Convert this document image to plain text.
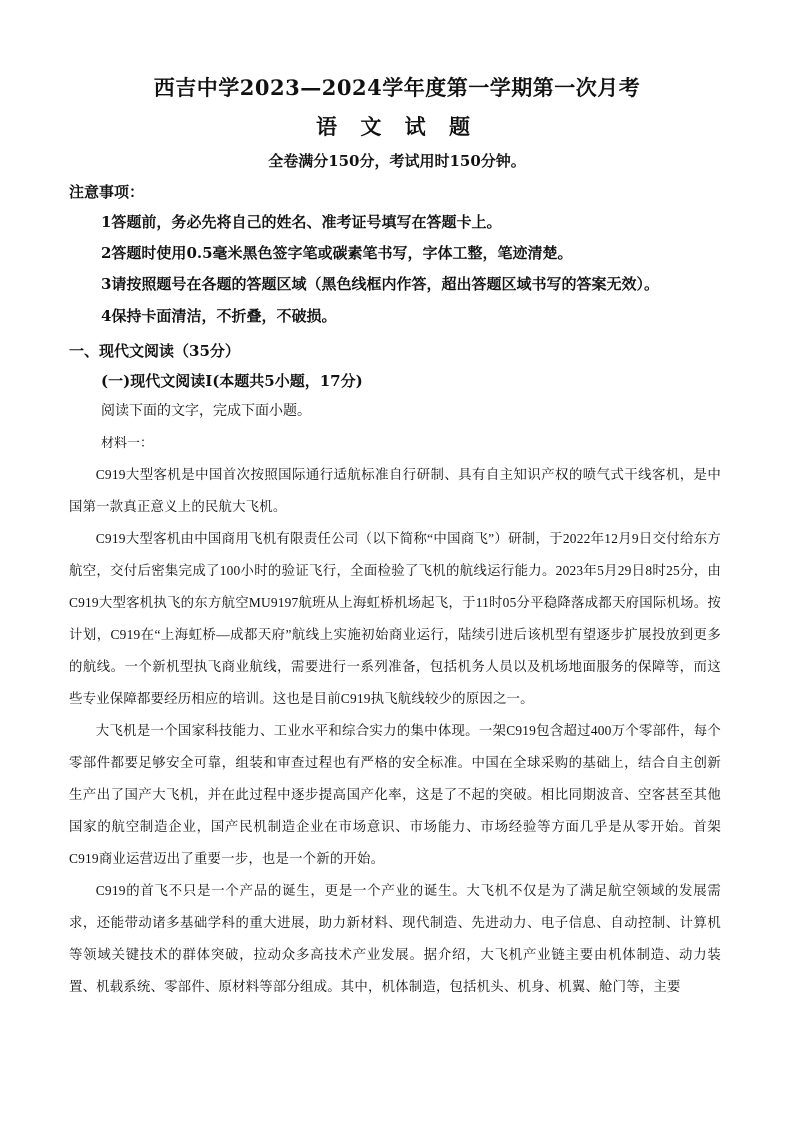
西吉中学2023—2024学年度第一学期第一次月考
语 文 试 题
全卷满分150分，考试用时150分钟。
注意事项：
1答题前，务必先将自己的姓名、准考证号填写在答题卡上。
2答题时使用0.5毫米黑色签字笔或碳素笔书写，字体工整，笔迹清楚。
3请按照题号在各题的答题区域（黑色线框内作答，超出答题区域书写的答案无效）。
4保持卡面清洁，不折叠，不破损。
一、现代文阅读（35分）
(一)现代文阅读Ⅰ(本题共5小题，17分)
阅读下面的文字，完成下面小题。
材料一：

C919大型客机是中国首次按照国际通行适航标准自行研制、具有自主知识产权的喷气式干线客机，是中国第一款真正意义上的民航大飞机。

C919大型客机由中国商用飞机有限责任公司（以下简称“中国商飞”）研制，于2022年12月9日交付给东方航空，交付后密集完成了100小时的验证飞行，全面检验了飞机的航线运行能力。2023年5月29日8时25分，由C919大型客机执飞的东方航空MU9197航班从上海虹桥机场起飞，于11时05分平稳降落成都天府国际机场。按计划，C919在“上海虹桥—成都天府”航线上实施初始商业运行，陆续引进后该机型有望逐步扩展投放到更多的航线。一个新机型执飞商业航线，需要进行一系列准备，包括机务人员以及机场地面服务的保障等，而这些专业保障都要经历相应的培训。这也是目前C919执飞航线较少的原因之一。

大飞机是一个国家科技能力、工业水平和综合实力的集中体现。一架C919包含超过400万个零部件，每个零部件都要足够安全可靠，组装和审查过程也有严格的安全标准。中国在全球采购的基础上，结合自主创新生产出了国产大飞机，并在此过程中逐步提高国产化率，这是了不起的突破。相比同期波音、空客甚至其他国家的航空制造企业，国产民机制造企业在市场意识、市场能力、市场经验等方面几乎是从零开始。首架C919商业运营迈出了重要一步，也是一个新的开始。

C919的首飞不只是一个产品的诞生，更是一个产业的诞生。大飞机不仅是为了满足航空领域的发展需求，还能带动诸多基础学科的重大进展，助力新材料、现代制造、先进动力、电子信息、自动控制、计算机等领域关键技术的群体突破，拉动众多高技术产业发展。据介绍，大飞机产业链主要由机体制造、动力装置、机载系统、零部件、原材料等部分组成。其中，机体制造，包括机头、机身、机翼、舱门等，主要
